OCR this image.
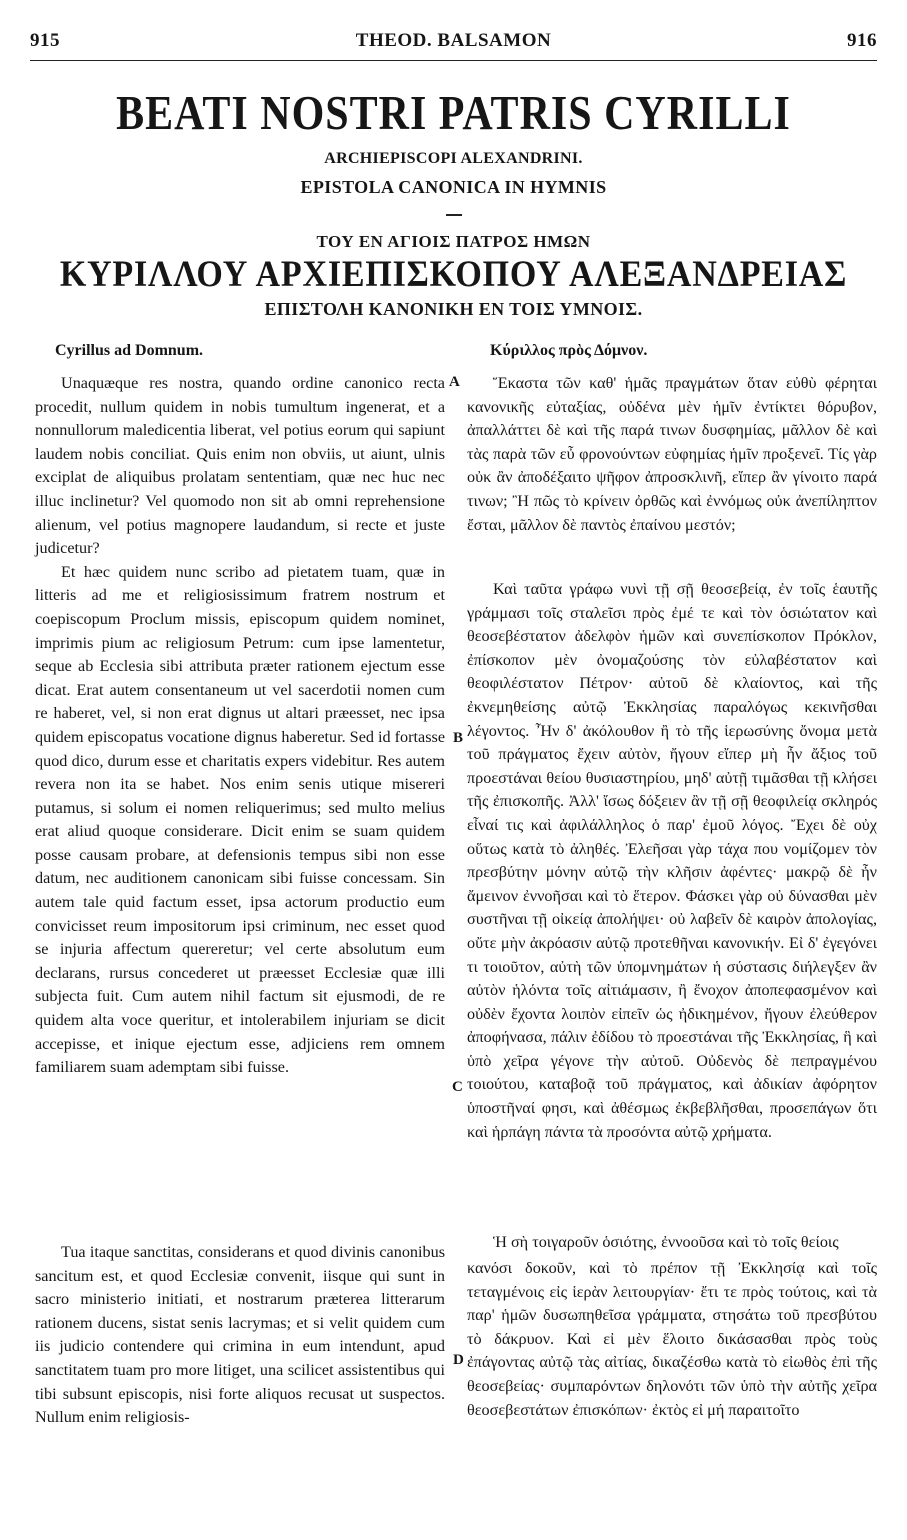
915	THEOD. BALSAMON	916
BEATI NOSTRI PATRIS CYRILLI
ARCHIEPISCOPI ALEXANDRINI.
EPISTOLA CANONICA IN HYMNIS
ΤΟΥ ΕΝ ΑΓΙΟΙΣ ΠΑΤΡΟΣ ΗΜΩΝ
ΚΥΡΙΛΛΟΥ ΑΡΧΙΕΠΙΣΚΟΠΟΥ ΑΛΕΞΑΝΔΡΕΙΑΣ
ΕΠΙΣΤΟΛΗ ΚΑΝΟΝΙΚΗ ΕΝ ΤΟΙΣ ΥΜΝΟΙΣ.
Cyrillus ad Domnum.	Κύριλλος πρὸς Δόμνον.

Unaquæque res nostra, quando ordine canonico recta procedit, nullum quidem in nobis tumultum ingenerat, et a nonnullorum maledicentia liberat, vel potius eorum qui sapiunt laudem nobis conciliat. Quis enim non obviis, ut aiunt, ulnis exciplat de aliquibus prolatam sententiam, quæ nec huc nec illuc inclinetur? Vel quomodo non sit ab omni reprehensione alienum, vel potius magnopere laudandum, si recte et juste judicetur?

Et hæc quidem nunc scribo ad pietatem tuam, quæ in litteris ad me et religiosissimum fratrem nostrum et coepiscopum Proclum missis, episcopum quidem nominet, imprimis pium ac religiosum Petrum: cum ipse lamentetur, seque ab Ecclesia sibi attributa præter rationem ejectum esse dicat. Erat autem consentaneum ut vel sacerdotii nomen cum re haberet, vel, si non erat dignus ut altari præesset, nec ipsa quidem episcopatus vocatione dignus haberetur. Sed id fortasse quod dico, durum esse et charitatis expers videbitur. Res autem revera non ita se habet. Nos enim senis utique misereri putamus, si solum ei nomen reliquerimus; sed multo melius erat aliud quoque considerare. Dicit enim se suam quidem posse causam probare, at defensionis tempus sibi non esse datum, nec auditionem canonicam sibi fuisse concessam. Sin autem tale quid factum esset, ipsa actorum productio eum convicisset reum impositorum ipsi criminum, nec esset quod se injuria affectum quereretur; vel certe absolutum eum declarans, rursus concederet ut præesset Ecclesiæ quæ illi subjecta fuit. Cum autem nihil factum sit ejusmodi, de re quidem alta voce queritur, et intolerabilem injuriam se dicit accepisse, et inique ejectum esse, adjiciens rem omnem familiarem suam ademptam sibi fuisse.

Tua itaque sanctitas, considerans et quod divinis canonibus sancitum est, et quod Ecclesiæ convenit, iisque qui sunt in sacro ministerio initiati, et nostrarum præterea litterarum rationem ducens, sistat senis lacrymas; et si velit quidem cum iis judicio contendere qui crimina in eum intendunt, apud sanctitatem tuam pro more litiget, una scilicet assistentibus qui tibi subsunt episcopis, nisi forte aliquos recusat ut suspectos. Nullum enim religiosis-

Ἕκαστα τῶν καθ' ἡμᾶς πραγμάτων ὅταν εὐθὺ φέρηται κανονικῆς εὐταξίας, οὐδένα μὲν ἡμῖν ἐντίκτει θόρυβον, ἀπαλλάττει δὲ καὶ τῆς παρά τινων δυσφημίας, μᾶλλον δὲ καὶ τὰς παρὰ τῶν εὖ φρονούντων εὐφημίας ἡμῖν προξενεῖ. Τίς γὰρ οὐκ ἂν ἀποδέξαιτο ψῆφον ἀπροσκλινῆ, εἴπερ ἂν γίνοιτο παρά τινων; Ἢ πῶς τὸ κρίνειν ὀρθῶς καὶ ἐννόμως οὐκ ἀνεπίληπτον ἔσται, μᾶλλον δὲ παντὸς ἐπαίνου μεστόν;

Καὶ ταῦτα γράφω νυνὶ τῇ σῇ θεοσεβείᾳ, ἐν τοῖς ἑαυτῆς γράμμασι τοῖς σταλεῖσι πρὸς ἐμέ τε καὶ τὸν ὁσιώτατον καὶ θεοσεβέστατον ἀδελφὸν ἡμῶν καὶ συνεπίσκοπον Πρόκλον, ἐπίσκοπον μὲν ὀνομαζούσης τὸν εὐλαβέστατον καὶ θεοφιλέστατον Πέτρον· αὐτοῦ δὲ κλαίοντος, καὶ τῆς ἐκνεμηθείσης αὐτῷ Ἐκκλησίας παραλόγως κεκινῆσθαι λέγοντος. Ἦν δ' ἀκόλουθον ἢ τὸ τῆς ἱερωσύνης ὄνομα μετὰ τοῦ πράγματος ἔχειν αὐτὸν, ἤγουν εἴπερ μὴ ἦν ἄξιος τοῦ προεστάναι θείου θυσιαστηρίου, μηδ' αὐτῇ τιμᾶσθαι τῇ κλήσει τῆς ἐπισκοπῆς. Ἀλλ' ἴσως δόξειεν ἂν τῇ σῇ θεοφιλείᾳ σκληρός εἶναί τις καὶ ἀφιλάλληλος ὁ παρ' ἐμοῦ λόγος. Ἔχει δὲ οὐχ οὕτως κατὰ τὸ ἀληθές. Ἐλεῆσαι γὰρ τάχα που νομίζομεν τὸν πρεσβύτην μόνην αὐτῷ τὴν κλῆσιν ἀφέντες· μακρῷ δὲ ἦν ἄμεινον ἐννοῆσαι καὶ τὸ ἕτερον. Φάσκει γὰρ οὐ δύνασθαι μὲν συστῆναι τῇ οἰκείᾳ ἀπολήψει· οὐ λαβεῖν δὲ καιρὸν ἀπολογίας, οὔτε μὴν ἀκρόασιν αὐτῷ προτεθῆναι κανονικήν. Εἰ δ' ἐγεγόνει τι τοιοῦτον, αὐτὴ τῶν ὑπομνημάτων ἡ σύστασις διήλεγξεν ἂν αὐτὸν ἡλόντα τοῖς αἰτιάμασιν, ἢ ἔνοχον ἀποπεφασμένον καὶ οὐδὲν ἔχοντα λοιπὸν εἰπεῖν ὡς ἠδικημένον, ἤγουν ἐλεύθερον ἀποφήνασα, πάλιν ἐδίδου τὸ προεστάναι τῆς Ἐκκλησίας, ἣ καὶ ὑπὸ χεῖρα γέγονε τὴν αὐτοῦ. Οὐδενὸς δὲ πεπραγμένου τοιούτου, καταβοᾷ τοῦ πράγματος, καὶ ἀδικίαν ἀφόρητον ὑποστῆναί φησι, καὶ ἀθέσμως ἐκβεβλῆσθαι, προσεπάγων ὅτι καὶ ἡρπάγη πάντα τὰ προσόντα αὐτῷ χρήματα.

Ἡ σὴ τοιγαροῦν ὁσιότης, ἐννοοῦσα καὶ τὸ τοῖς θείοις

κανόσι δοκοῦν, καὶ τὸ πρέπον τῇ Ἐκκλησίᾳ καὶ τοῖς τεταγμένοις εἰς ἱερὰν λειτουργίαν· ἔτι τε πρὸς τούτοις, καὶ τὰ παρ' ἡμῶν δυσωπηθεῖσα γράμματα, στησάτω τοῦ πρεσβύτου τὸ δάκρυον. Καὶ εἰ μὲν ἕλοιτο δικάσασθαι πρὸς τοὺς ἐπάγοντας αὐτῷ τὰς αἰτίας, δικαζέσθω κατὰ τὸ εἰωθὸς ἐπὶ τῆς θεοσεβείας· συμπαρόντων δηλονότι τῶν ὑπὸ τὴν αὐτῆς χεῖρα θεοσεβεστάτων ἐπισκόπων· ἐκτὸς εἰ μή παραιτοῖτο

A
B
C
D
